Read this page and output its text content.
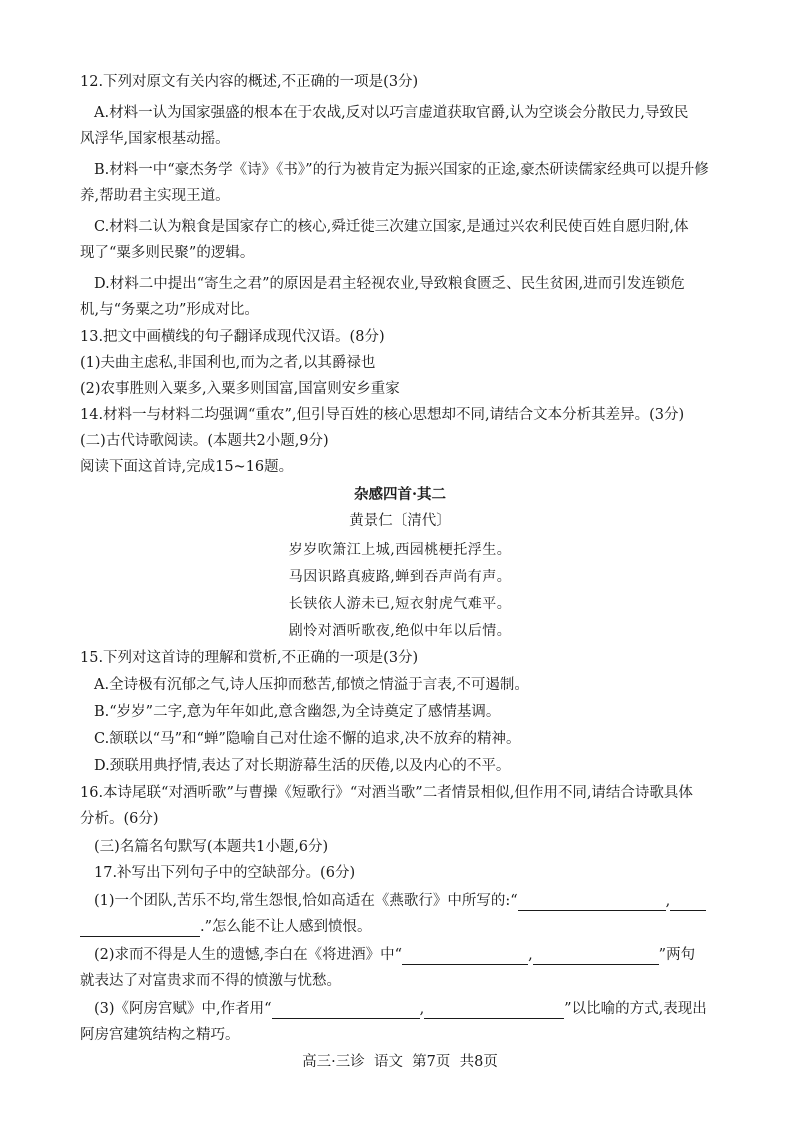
12.下列对原文有关内容的概述,不正确的一项是(3分)
A.材料一认为国家强盛的根本在于农战,反对以巧言虚道获取官爵,认为空谈会分散民力,导致民
风浮华,国家根基动摇。
B.材料一中“豪杰务学《诗》《书》”的行为被肯定为振兴国家的正途,豪杰研读儒家经典可以提升修
养,帮助君主实现王道。
C.材料二认为粮食是国家存亡的核心,舜迁徙三次建立国家,是通过兴农利民使百姓自愿归附,体
现了“粟多则民聚”的逻辑。
D.材料二中提出“寄生之君”的原因是君主轻视农业,导致粮食匮乏、民生贫困,进而引发连锁危
机,与“务粟之功”形成对比。
13.把文中画横线的句子翻译成现代汉语。(8分)
(1)夫曲主虑私,非国利也,而为之者,以其爵禄也
(2)农事胜则入粟多,入粟多则国富,国富则安乡重家
14.材料一与材料二均强调“重农”,但引导百姓的核心思想却不同,请结合文本分析其差异。(3分)
(二)古代诗歌阅读。(本题共2小题,9分)
阅读下面这首诗,完成15~16题。
杂感四首·其二
黄景仁〔清代〕
岁岁吹箫江上城,西园桃梗托浮生。
马因识路真疲路,蝉到吞声尚有声。
长铗依人游未已,短衣射虎气难平。
剧怜对酒听歌夜,绝似中年以后情。
15.下列对这首诗的理解和赏析,不正确的一项是(3分)
A.全诗极有沉郁之气,诗人压抑而愁苦,郁愤之情溢于言表,不可遏制。
B.“岁岁”二字,意为年年如此,意含幽怨,为全诗奠定了感情基调。
C.颔联以“马”和“蝉”隐喻自己对仕途不懈的追求,决不放弃的精神。
D.颈联用典抒情,表达了对长期游幕生活的厌倦,以及内心的不平。
16.本诗尾联“对酒听歌”与曹操《短歌行》“对酒当歌”二者情景相似,但作用不同,请结合诗歌具体
分析。(6分)
(三)名篇名句默写(本题共1小题,6分)
17.补写出下列句子中的空缺部分。(6分)
(1)一个团队,苦乐不均,常生怨恨,恰如高适在《燕歌行》中所写的:“	,
.”怎么能不让人感到愤恨。
(2)求而不得是人生的遗憾,李白在《将进酒》中“	,	”两句
就表达了对富贵求而不得的愤激与忧愁。
(3)《阿房宫赋》中,作者用“	,	”以比喻的方式,表现出
阿房宫建筑结构之精巧。
高三·三诊  语文  第7页  共8页
